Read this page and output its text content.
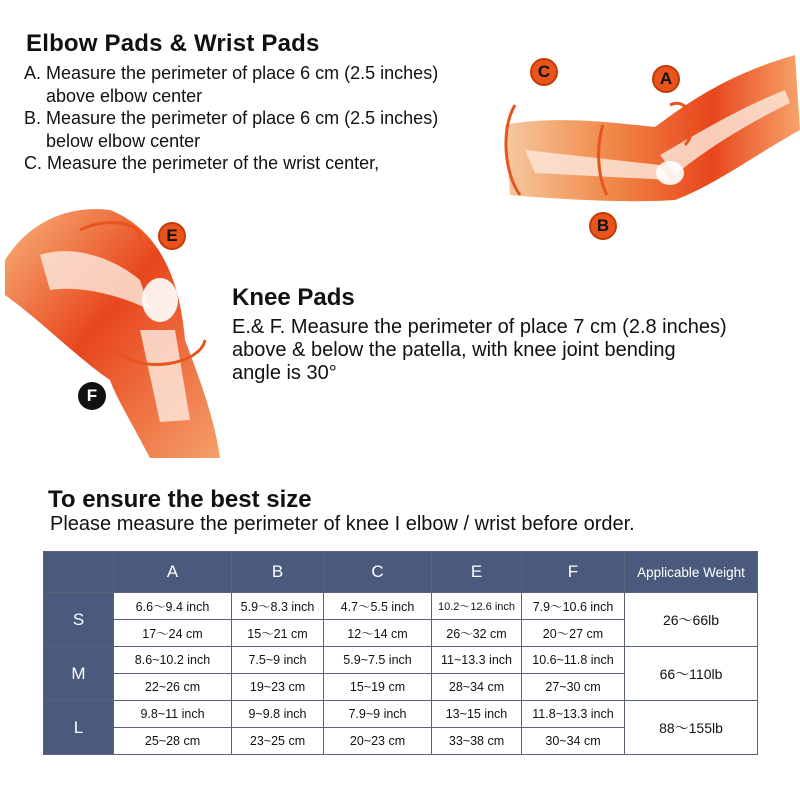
Elbow Pads & Wrist Pads
A. Measure the perimeter of place 6 cm (2.5 inches)
above elbow center
B. Measure the perimeter of place 6 cm (2.5 inches)
below elbow center
C. Measure the perimeter of the wrist center,
C	A
B
E
F
Knee Pads
E.& F. Measure the perimeter of place 7 cm (2.8 inches)
above & below the patella, with knee joint bending
angle is 30°
To ensure the best size
Please measure the perimeter of knee I elbow / wrist before order.
	A	B	C	E	F	Applicable Weight
S	6.6～9.4 inch	5.9～8.3 inch	4.7～5.5 inch	10.2～12.6 inch	7.9～10.6 inch	26～66lb
	17～24 cm	15～21 cm	12～14 cm	26～32 cm	20～27 cm	
M	8.6~10.2 inch	7.5~9 inch	5.9~7.5 inch	11~13.3 inch	10.6~11.8 inch	66～110lb
	22~26 cm	19~23 cm	15~19 cm	28~34 cm	27~30 cm	
L	9.8~11 inch	9~9.8 inch	7.9~9 inch	13~15 inch	11.8~13.3 inch	88～155lb
	25~28 cm	23~25 cm	20~23 cm	33~38 cm	30~34 cm	
